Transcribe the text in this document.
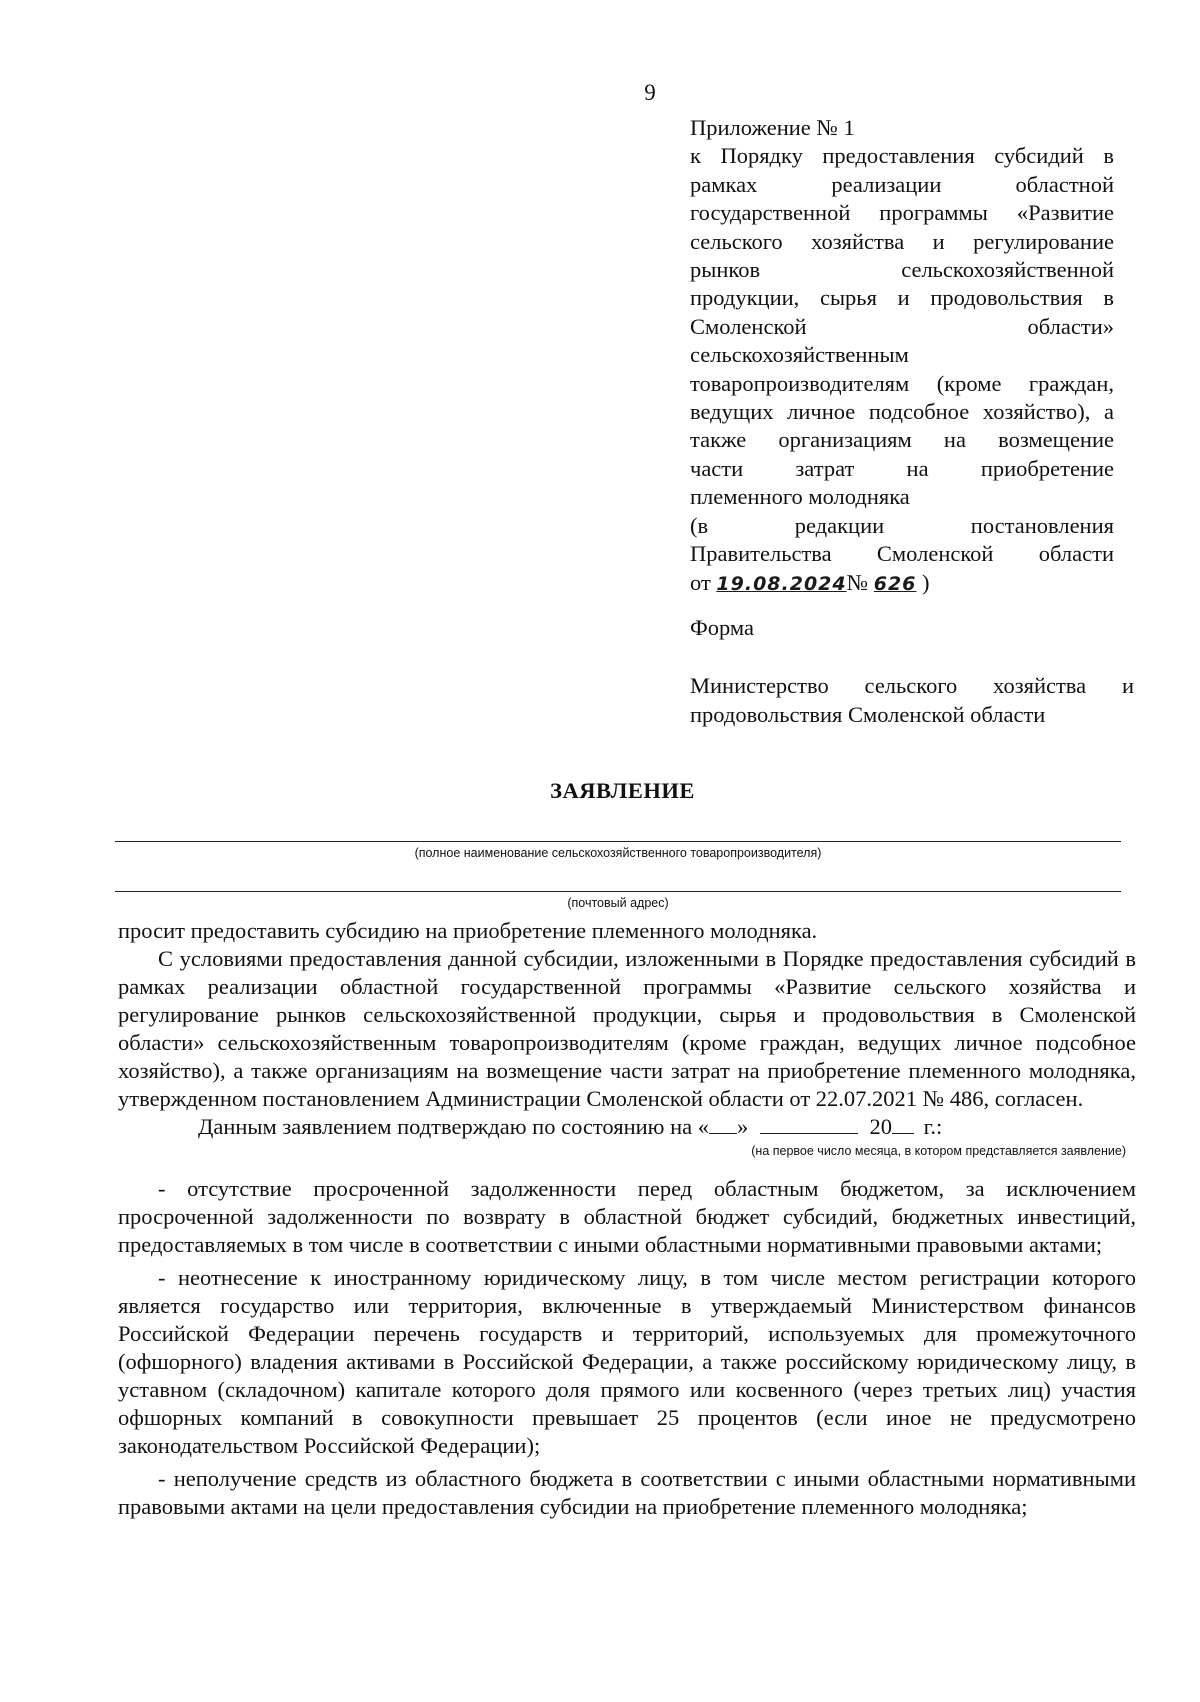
9
Приложение № 1
к Порядку предоставления субсидий в
рамках реализации областной
государственной программы «Развитие
сельского хозяйства и регулирование
рынков сельскохозяйственной
продукции, сырья и продовольствия в
Смоленской области»
сельскохозяйственным
товаропроизводителям (кроме граждан,
ведущих личное подсобное хозяйство), а
также организациям на возмещение
части затрат на приобретение
племенного молодняка
(в редакции постановления
Правительства Смоленской области
от 19.08.2024№ 626 )
Форма
Министерство сельского хозяйства и
продовольствия Смоленской области
ЗАЯВЛЕНИЕ
(полное наименование сельскохозяйственного товаропроизводителя)
(почтовый адрес)

просит предоставить субсидию на приобретение племенного молодняка.

С условиями предоставления данной субсидии, изложенными в Порядке предоставления субсидий в рамках реализации областной государственной программы «Развитие сельского хозяйства и регулирование рынков сельскохозяйственной продукции, сырья и продовольствия в Смоленской области» сельскохозяйственным товаропроизводителям (кроме граждан, ведущих личное подсобное хозяйство), а также организациям на возмещение части затрат на приобретение племенного молодняка, утвержденном постановлением Администрации Смоленской области от 22.07.2021 № 486, согласен.

Данным заявлением подтверждаю по состоянию на « »	20 г.:
(на первое число месяца, в котором представляется заявление)

- отсутствие просроченной задолженности перед областным бюджетом, за исключением просроченной задолженности по возврату в областной бюджет субсидий, бюджетных инвестиций, предоставляемых в том числе в соответствии с иными областными нормативными правовыми актами;

- неотнесение к иностранному юридическому лицу, в том числе местом регистрации которого является государство или территория, включенные в утверждаемый Министерством финансов Российской Федерации перечень государств и территорий, используемых для промежуточного (офшорного) владения активами в Российской Федерации, а также российскому юридическому лицу, в уставном (складочном) капитале которого доля прямого или косвенного (через третьих лиц) участия офшорных компаний в совокупности превышает 25 процентов (если иное не предусмотрено законодательством Российской Федерации);

- неполучение средств из областного бюджета в соответствии с иными областными нормативными правовыми актами на цели предоставления субсидии на приобретение племенного молодняка;
